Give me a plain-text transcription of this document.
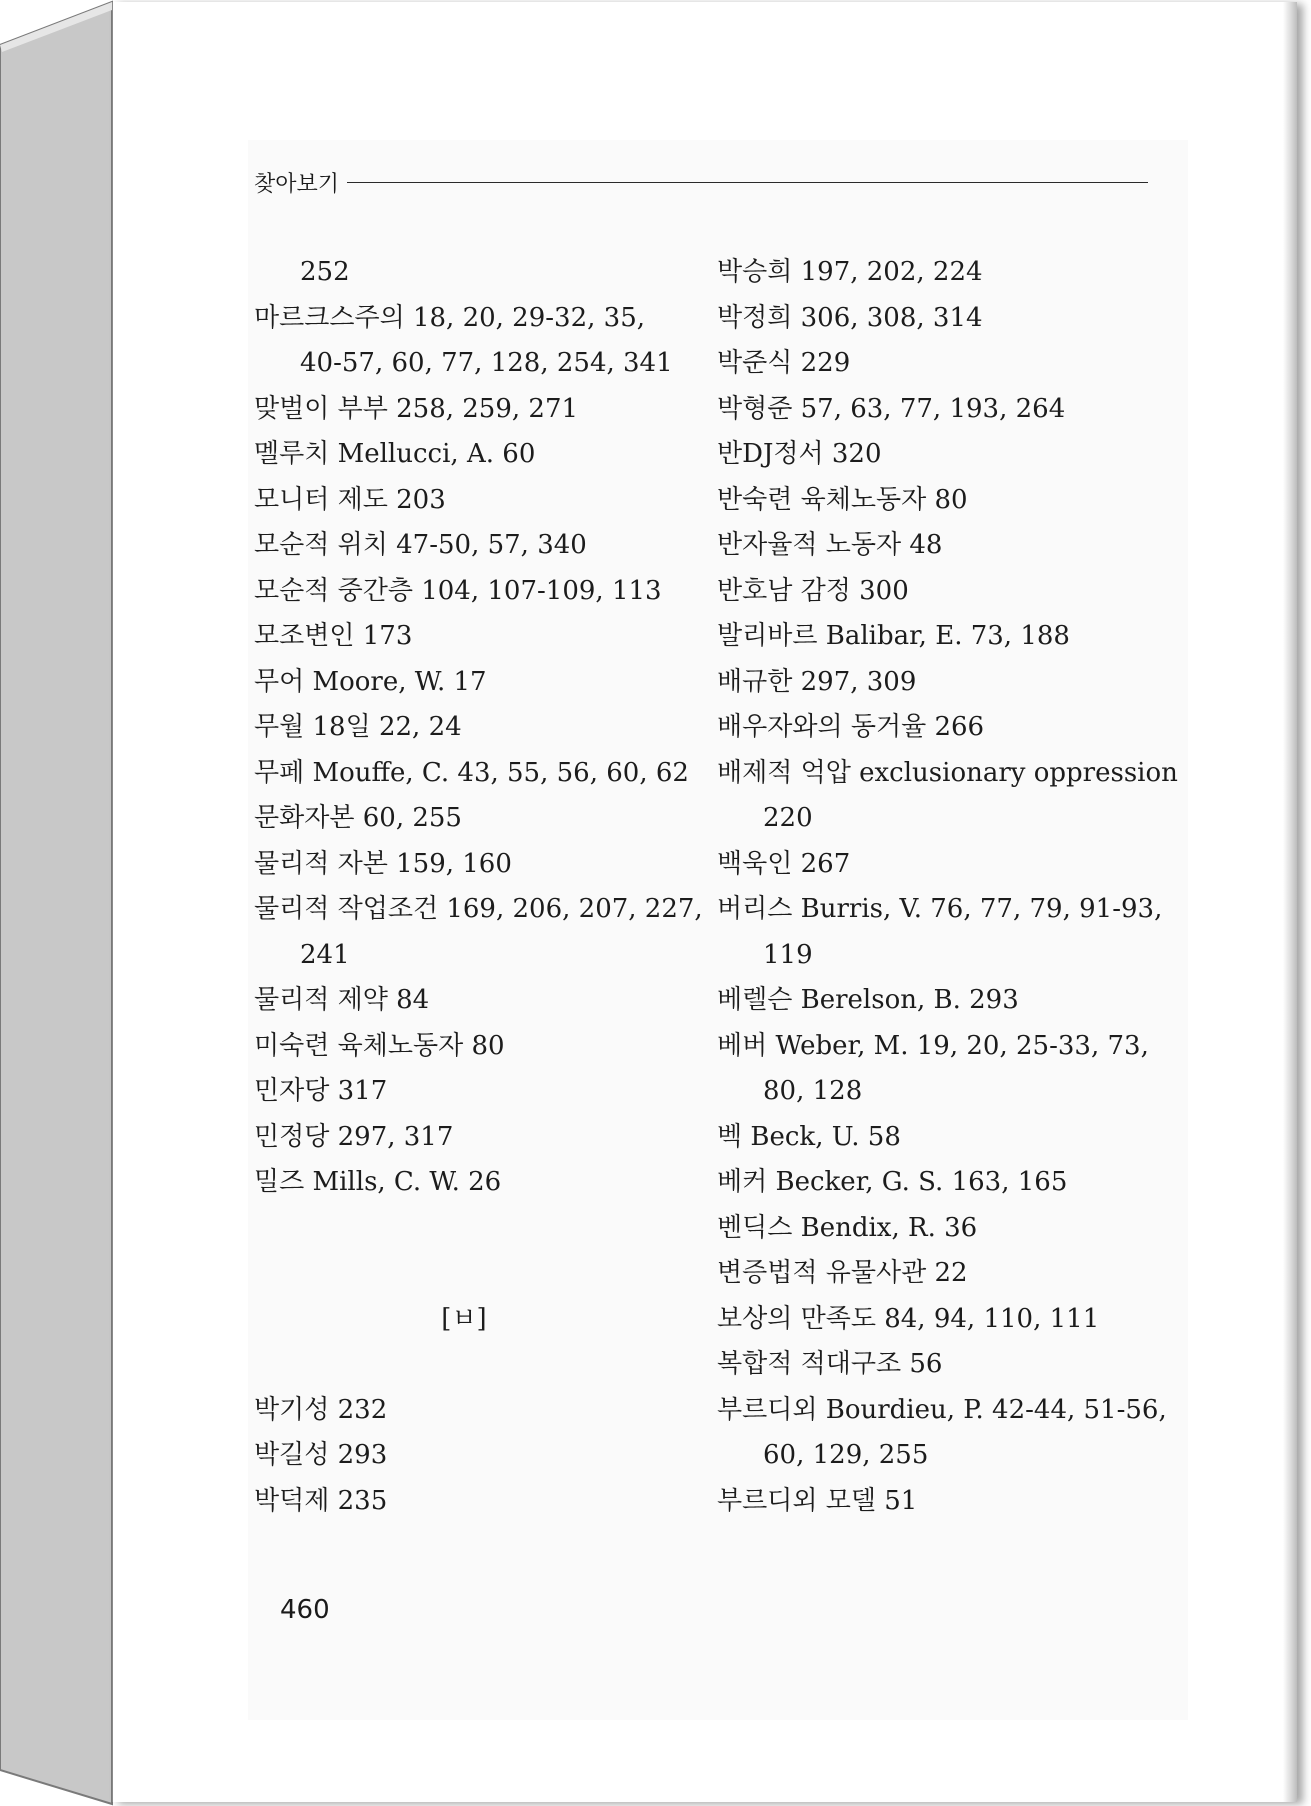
찾아보기
252
마르크스주의 18, 20, 29-32, 35,
40-57, 60, 77, 128, 254, 341
맞벌이 부부 258, 259, 271
멜루치 Mellucci, A. 60
모니터 제도 203
모순적 위치 47-50, 57, 340
모순적 중간층 104, 107-109, 113
모조변인 173
무어 Moore, W. 17
무월 18일 22, 24
무페 Mouffe, C. 43, 55, 56, 60, 62
문화자본 60, 255
물리적 자본 159, 160
물리적 작업조건 169, 206, 207, 227,
241
물리적 제약 84
미숙련 육체노동자 80
민자당 317
민정당 297, 317
밀즈 Mills, C. W. 26
[ㅂ]
박기성 232
박길성 293
박덕제 235
박승희 197, 202, 224
박정희 306, 308, 314
박준식 229
박형준 57, 63, 77, 193, 264
반DJ정서 320
반숙련 육체노동자 80
반자율적 노동자 48
반호남 감정 300
발리바르 Balibar, E. 73, 188
배규한 297, 309
배우자와의 동거율 266
배제적 억압 exclusionary oppression
220
백욱인 267
버리스 Burris, V. 76, 77, 79, 91-93,
119
베렐슨 Berelson, B. 293
베버 Weber, M. 19, 20, 25-33, 73,
80, 128
벡 Beck, U. 58
베커 Becker, G. S. 163, 165
벤딕스 Bendix, R. 36
변증법적 유물사관 22
보상의 만족도 84, 94, 110, 111
복합적 적대구조 56
부르디외 Bourdieu, P. 42-44, 51-56,
60, 129, 255
부르디외 모델 51
460
